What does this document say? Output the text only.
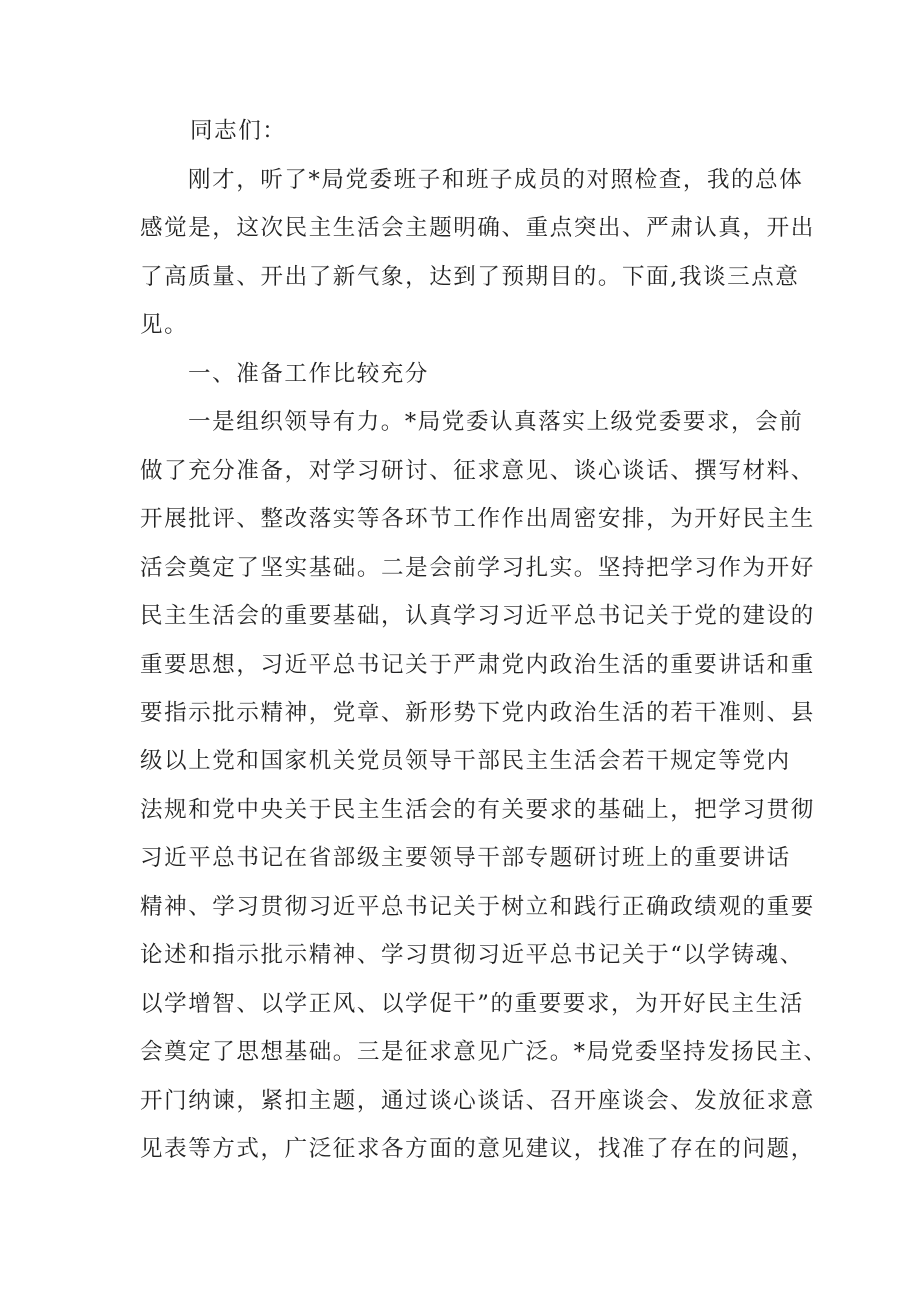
同志们：
刚才，听了*局党委班子和班子成员的对照检查，我的总体
感觉是，这次民主生活会主题明确、重点突出、严肃认真，开出
了高质量、开出了新气象，达到了预期目的。下面,我谈三点意
见。
一、准备工作比较充分
一是组织领导有力。*局党委认真落实上级党委要求，会前
做了充分准备，对学习研讨、征求意见、谈心谈话、撰写材料、
开展批评、整改落实等各环节工作作出周密安排，为开好民主生
活会奠定了坚实基础。二是会前学习扎实。坚持把学习作为开好
民主生活会的重要基础，认真学习习近平总书记关于党的建设的
重要思想，习近平总书记关于严肃党内政治生活的重要讲话和重
要指示批示精神，党章、新形势下党内政治生活的若干准则、县
级以上党和国家机关党员领导干部民主生活会若干规定等党内
法规和党中央关于民主生活会的有关要求的基础上，把学习贯彻
习近平总书记在省部级主要领导干部专题研讨班上的重要讲话
精神、学习贯彻习近平总书记关于树立和践行正确政绩观的重要
论述和指示批示精神、学习贯彻习近平总书记关于“以学铸魂、
以学增智、以学正风、以学促干”的重要要求，为开好民主生活
会奠定了思想基础。三是征求意见广泛。*局党委坚持发扬民主、
开门纳谏，紧扣主题，通过谈心谈话、召开座谈会、发放征求意
见表等方式，广泛征求各方面的意见建议，找准了存在的问题，
